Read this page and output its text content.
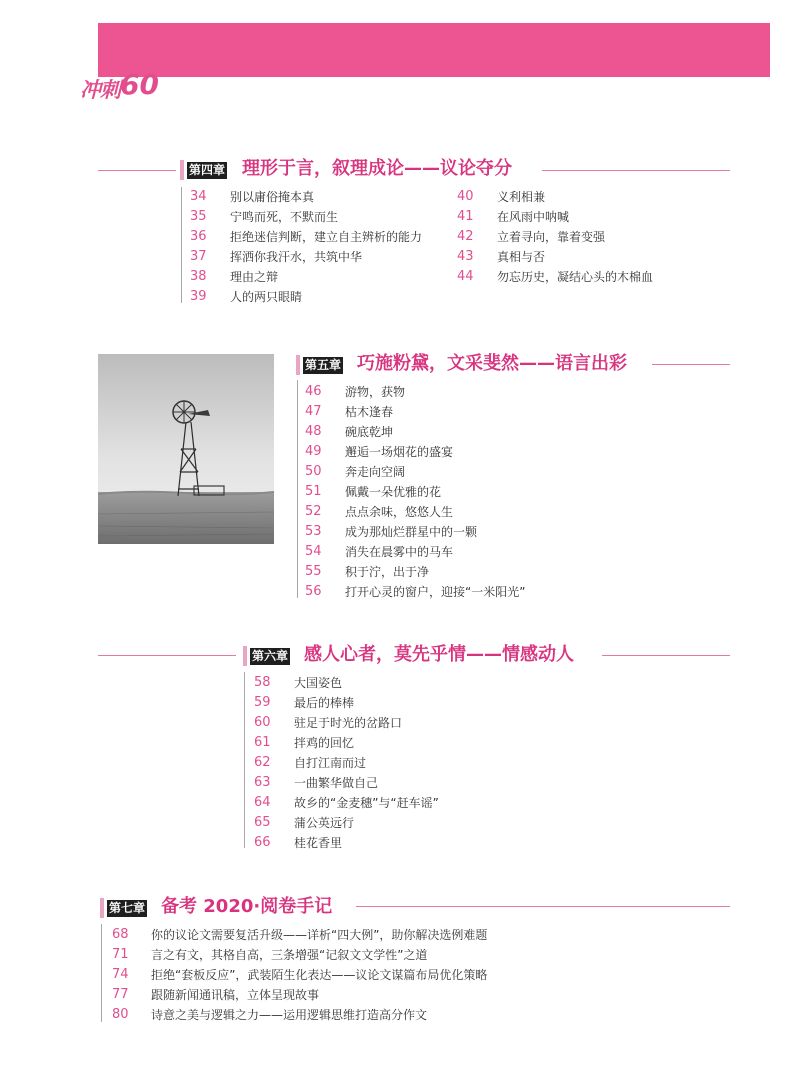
冲刺 60
第四章 理形于言，叙理成论——议论夺分
34 别以庸俗掩本真
35 宁鸣而死，不默而生
36 拒绝迷信判断，建立自主辨析的能力
37 挥洒你我汗水，共筑中华
38 理由之辩
39 人的两只眼睛
40 义利相兼
41 在风雨中呐喊
42 立着寻向，靠着变强
43 真相与否
44 勿忘历史，凝结心头的木棉血
第五章 巧施粉黛，文采斐然——语言出彩
46 游物，获物
47 枯木逢春
48 碗底乾坤
49 邂逅一场烟花的盛宴
50 奔走向空阔
51 佩戴一朵优雅的花
52 点点余味，悠悠人生
53 成为那灿烂群星中的一颗
54 消失在晨雾中的马车
55 积于泞，出于净
56 打开心灵的窗户，迎接“一米阳光”
第六章 感人心者，莫先乎情——情感动人
58 大国姿色
59 最后的棒棒
60 驻足于时光的岔路口
61 拌鸡的回忆
62 自打江南而过
63 一曲繁华做自己
64 故乡的“金麦穗”与“赶车谣”
65 蒲公英远行
66 桂花香里
第七章 备考 2020·阅卷手记
68 你的议论文需要复活升级——详析“四大例”，助你解决选例难题
71 言之有文，其格自高，三条增强“记叙文文学性”之道
74 拒绝“套板反应”，武装陌生化表达——议论文谋篇布局优化策略
77 跟随新闻通讯稿，立体呈现故事
80 诗意之美与逻辑之力——运用逻辑思维打造高分作文
